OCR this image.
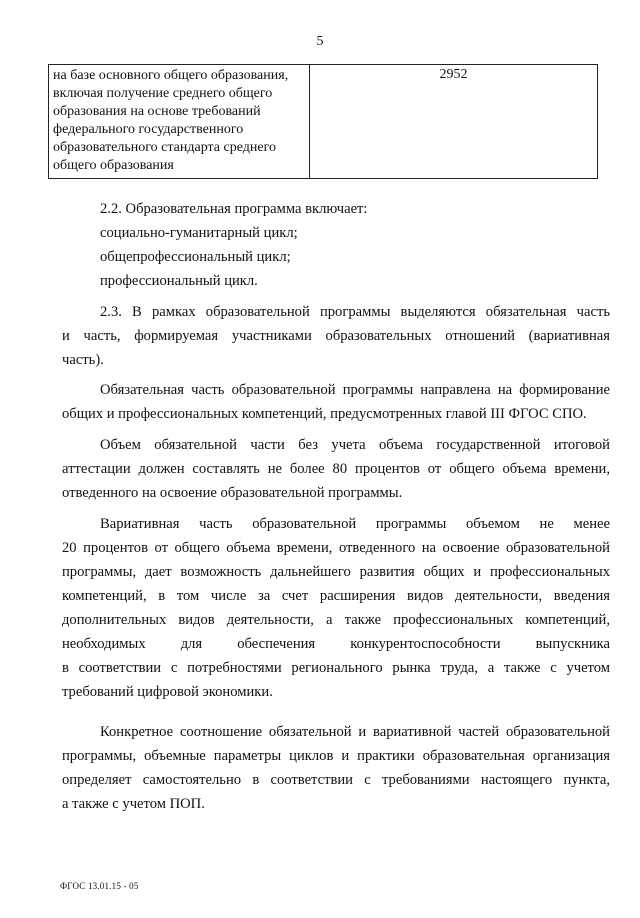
5
на базе основного общего образования,
включая получение среднего общего
образования на основе требований
федерального государственного
образовательного стандарта среднего
общего образования
2952
2.2. Образовательная программа включает:
социально-гуманитарный цикл;
общепрофессиональный цикл;
профессиональный цикл.
2.3. В рамках образовательной программы выделяются обязательная часть
и часть, формируемая участниками образовательных отношений (вариативная
часть).
Обязательная часть образовательной программы направлена на формирование
общих и профессиональных компетенций, предусмотренных главой III ФГОС СПО.
Объем обязательной части без учета объема государственной итоговой
аттестации должен составлять не более 80 процентов от общего объема времени,
отведенного на освоение образовательной программы.
Вариативная часть образовательной программы объемом не менее
20 процентов от общего объема времени, отведенного на освоение образовательной
программы, дает возможность дальнейшего развития общих и профессиональных
компетенций, в том числе за счет расширения видов деятельности, введения
дополнительных видов деятельности, а также профессиональных компетенций,
необходимых для обеспечения конкурентоспособности выпускника
в соответствии с потребностями регионального рынка труда, а также с учетом
требований цифровой экономики.
Конкретное соотношение обязательной и вариативной частей образовательной
программы, объемные параметры циклов и практики образовательная организация
определяет самостоятельно в соответствии с требованиями настоящего пункта,
а также с учетом ПОП.
ФГОС 13.01.15 - 05
